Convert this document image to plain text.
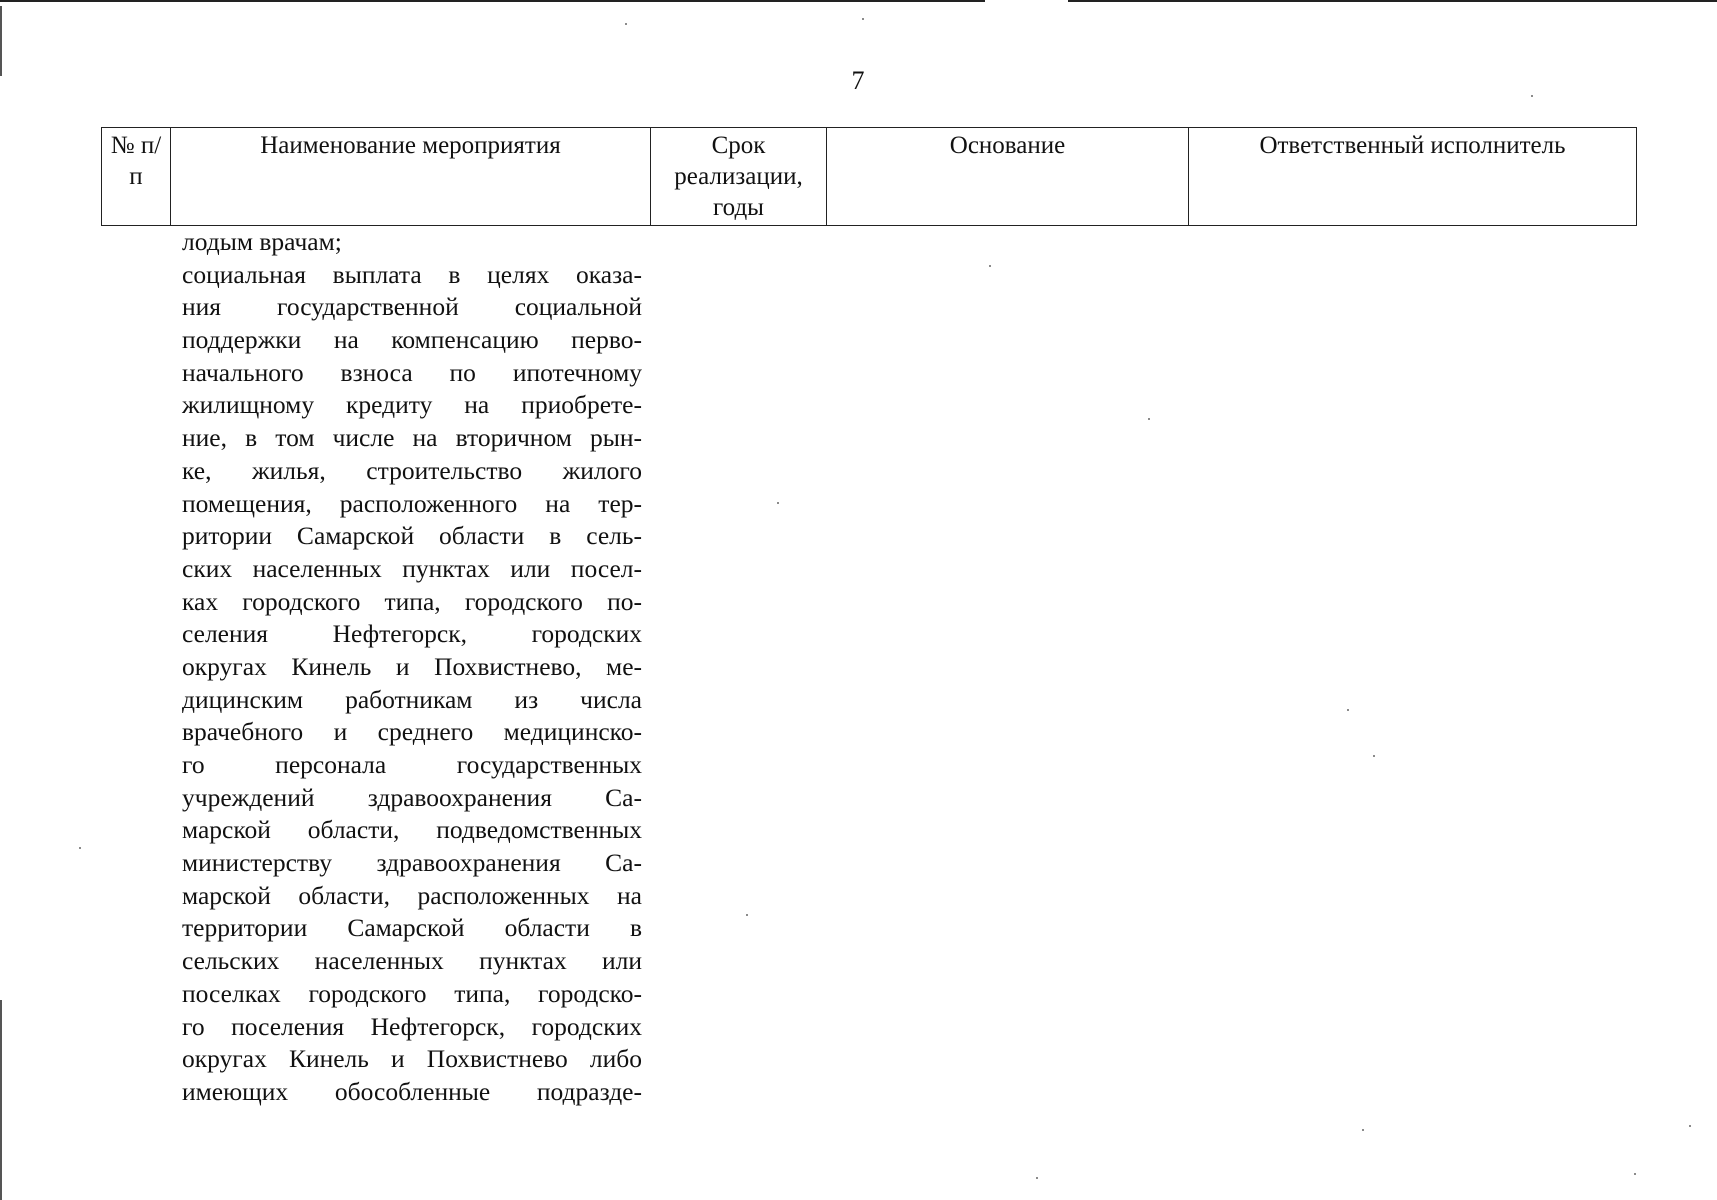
7
№ п/п	Наименование мероприятия	Срок реализации, годы	Основание	Ответственный исполнитель
лодым врачам;
социальная выплата в целях оказа-
ния государственной социальной
поддержки на компенсацию перво-
начального взноса по ипотечному
жилищному кредиту на приобрете-
ние, в том числе на вторичном рын-
ке, жилья, строительство жилого
помещения, расположенного на тер-
ритории Самарской области в сель-
ских населенных пунктах или посел-
ках городского типа, городского по-
селения Нефтегорск, городских
округах Кинель и Похвистнево, ме-
дицинским работникам из числа
врачебного и среднего медицинско-
го персонала государственных
учреждений здравоохранения Са-
марской области, подведомственных
министерству здравоохранения Са-
марской области, расположенных на
территории Самарской области в
сельских населенных пунктах или
поселках городского типа, городско-
го поселения Нефтегорск, городских
округах Кинель и Похвистнево либо
имеющих обособленные подразде-
